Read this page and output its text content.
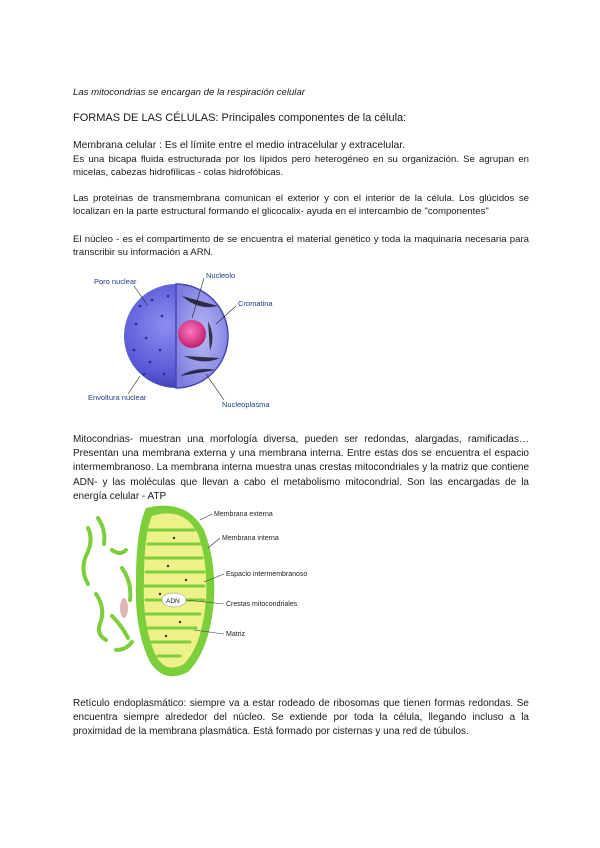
Las mitocondrias se encargan de la respiración celular

FORMAS DE LAS CÉLULAS: Principales componentes de la célula:

Membrana celular : Es el límite entre el medio intracelular y extracelular.

Es una bicapa fluida estructurada por los lípidos pero heterogéneo en su organización. Se agrupan en micelas, cabezas hidrofílicas - colas hidrofóbicas.

Las proteínas de transmembrana comunican el exterior y con el interior de la célula. Los glúcidos se localizan en la parte estructural formando el glicocalix- ayuda en el intercambio de "componentes"

El núcleo - es el compartimento de se encuentra el material genético y toda la maquinaria necesaria para transcribir su información a ARN.

Poro nuclear
Nucleolo
Cromatina
Envoltura nuclear
Nucleoplasma

Mitocondrias- muestran una morfología diversa, pueden ser redondas, alargadas, ramificadas… Presentan una membrana externa y una membrana interna. Entre estas dos se encuentra el espacio intermembranoso. La membrana interna muestra unas crestas mitocondriales y la matriz que contiene ADN- y las moléculas que llevan a cabo el metabolismo mitocondrial. Son las encargadas de la energía celular - ATP

ADN
Membrana externa
Membrana interna
Espacio intermembranoso
Crestas mitocondriales
Matriz

Retículo endoplasmático: siempre va a estar rodeado de ribosomas que tienen formas redondas. Se encuentra siempre alrededor del núcleo. Se extiende por toda la célula, llegando incluso a la proximidad de la membrana plasmática. Está formado por cisternas y una red de túbulos.
